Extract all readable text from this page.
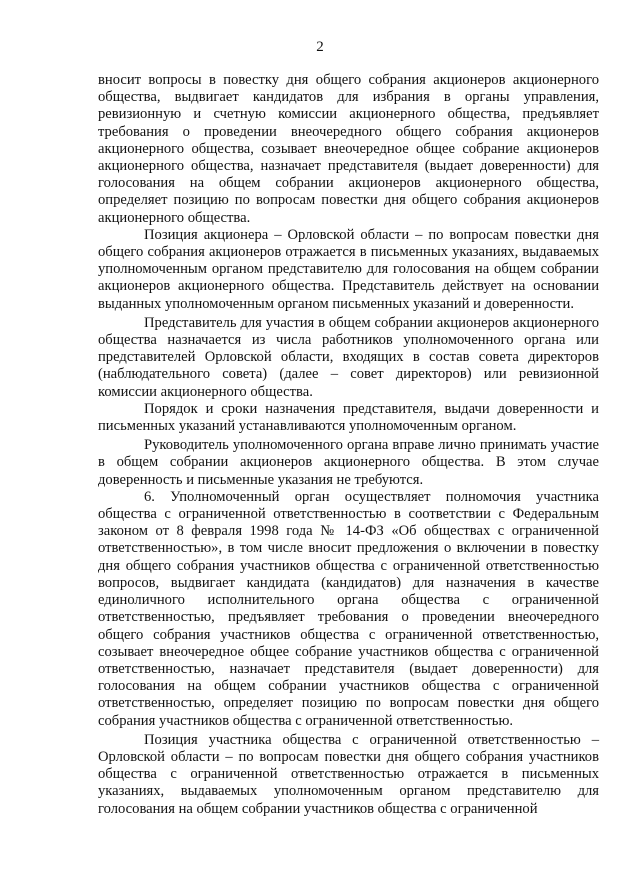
2

вносит вопросы в повестку дня общего собрания акционеров акционерного общества, выдвигает кандидатов для избрания в органы управления, ревизионную и счетную комиссии акционерного общества, предъявляет требования о проведении внеочередного общего собрания акционеров акционерного общества, созывает внеочередное общее собрание акционеров акционерного общества, назначает представителя (выдает доверенности) для голосования на общем собрании акционеров акционерного общества, определяет позицию по вопросам повестки дня общего собрания акционеров акционерного общества.

Позиция акционера – Орловской области – по вопросам повестки дня общего собрания акционеров отражается в письменных указаниях, выдаваемых уполномоченным органом представителю для голосования на общем собрании акционеров акционерного общества. Представитель действует на основании выданных уполномоченным органом письменных указаний и доверенности.

Представитель для участия в общем собрании акционеров акционерного общества назначается из числа работников уполномоченного органа или представителей Орловской области, входящих в состав совета директоров (наблюдательного совета) (далее – совет директоров) или ревизионной комиссии акционерного общества.

Порядок и сроки назначения представителя, выдачи доверенности и письменных указаний устанавливаются уполномоченным органом.

Руководитель уполномоченного органа вправе лично принимать участие в общем собрании акционеров акционерного общества. В этом случае доверенность и письменные указания не требуются.

6. Уполномоченный орган осуществляет полномочия участника общества с ограниченной ответственностью в соответствии с Федеральным законом от 8 февраля 1998 года № 14-ФЗ «Об обществах с ограниченной ответственностью», в том числе вносит предложения о включении в повестку дня общего собрания участников общества с ограниченной ответственностью вопросов, выдвигает кандидата (кандидатов) для назначения в качестве единоличного исполнительного органа общества с ограниченной ответственностью, предъявляет требования о проведении внеочередного общего собрания участников общества с ограниченной ответственностью, созывает внеочередное общее собрание участников общества с ограниченной ответственностью, назначает представителя (выдает доверенности) для голосования на общем собрании участников общества с ограниченной ответственностью, определяет позицию по вопросам повестки дня общего собрания участников общества с ограниченной ответственностью.

Позиция участника общества с ограниченной ответственностью – Орловской области – по вопросам повестки дня общего собрания участников общества с ограниченной ответственностью отражается в письменных указаниях, выдаваемых уполномоченным органом представителю для голосования на общем собрании участников общества с ограниченной
